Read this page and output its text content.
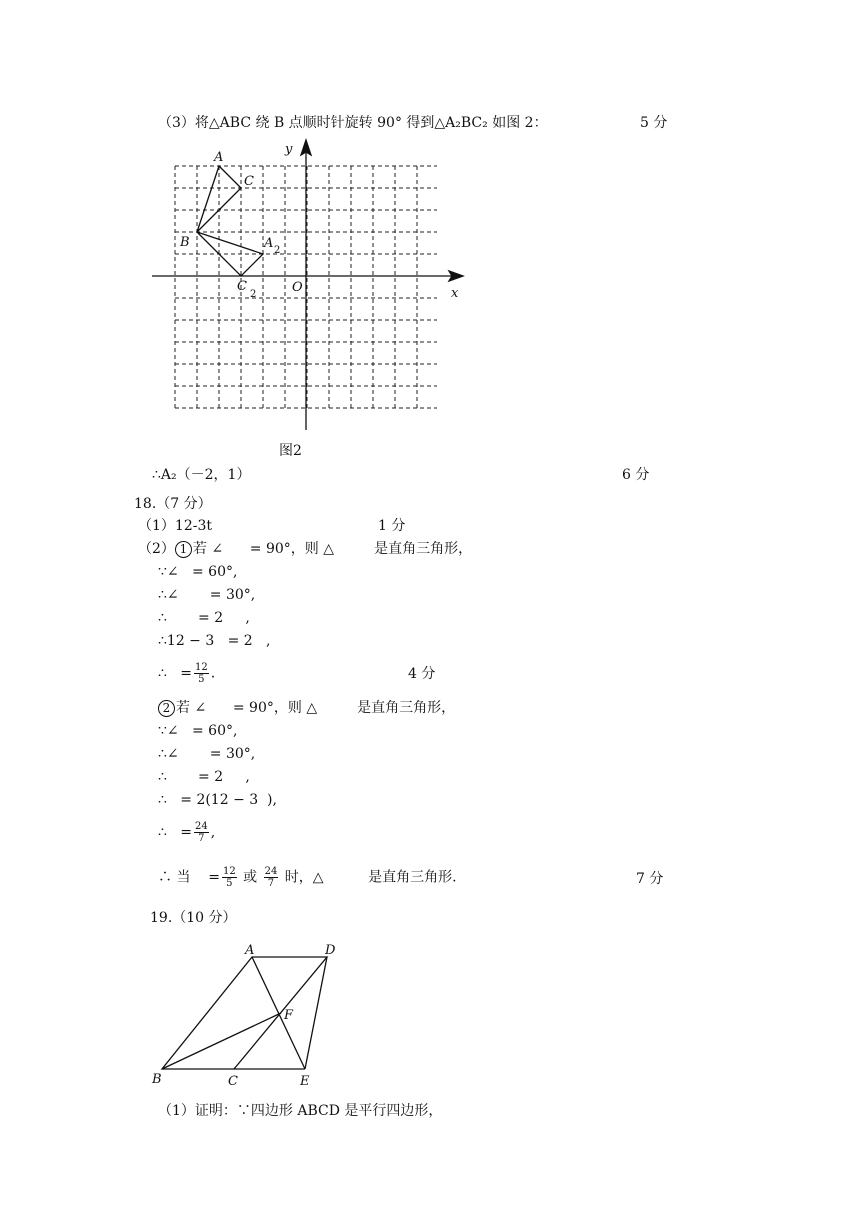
（3）将△ABC 绕 B 点顺时针旋转 90° 得到△A₂BC₂ 如图 2：	5 分
A
C
B	A 2
C
2	O	x
y
图2
∴A₂（－2，1）	6 分
18.（7 分）
（1）12-3t	1 分
（2） 1 若 ∠      = 90°，则 △         是直角三角形，
∵∠   = 60°,
∴∠       = 30°,
∴       = 2     ,
∴12 − 3   = 2   ,
∴   = $\frac{12}{5}$ .	4 分
2 若 ∠      = 90°，则 △         是直角三角形，
∵∠   = 60°,
∴∠       = 30°,
∴       = 2     ,
∴   = 2(12 − 3  ),
∴   = $\frac{24}{7}$ ,
∴ 当    = $\frac{12}{5}$ 或 $\frac{24}{7}$ 时，△          是直角三角形.	7 分
19.（10 分）
A	D
F
B	C	E
（1）证明：∵四边形 ABCD 是平行四边形，
